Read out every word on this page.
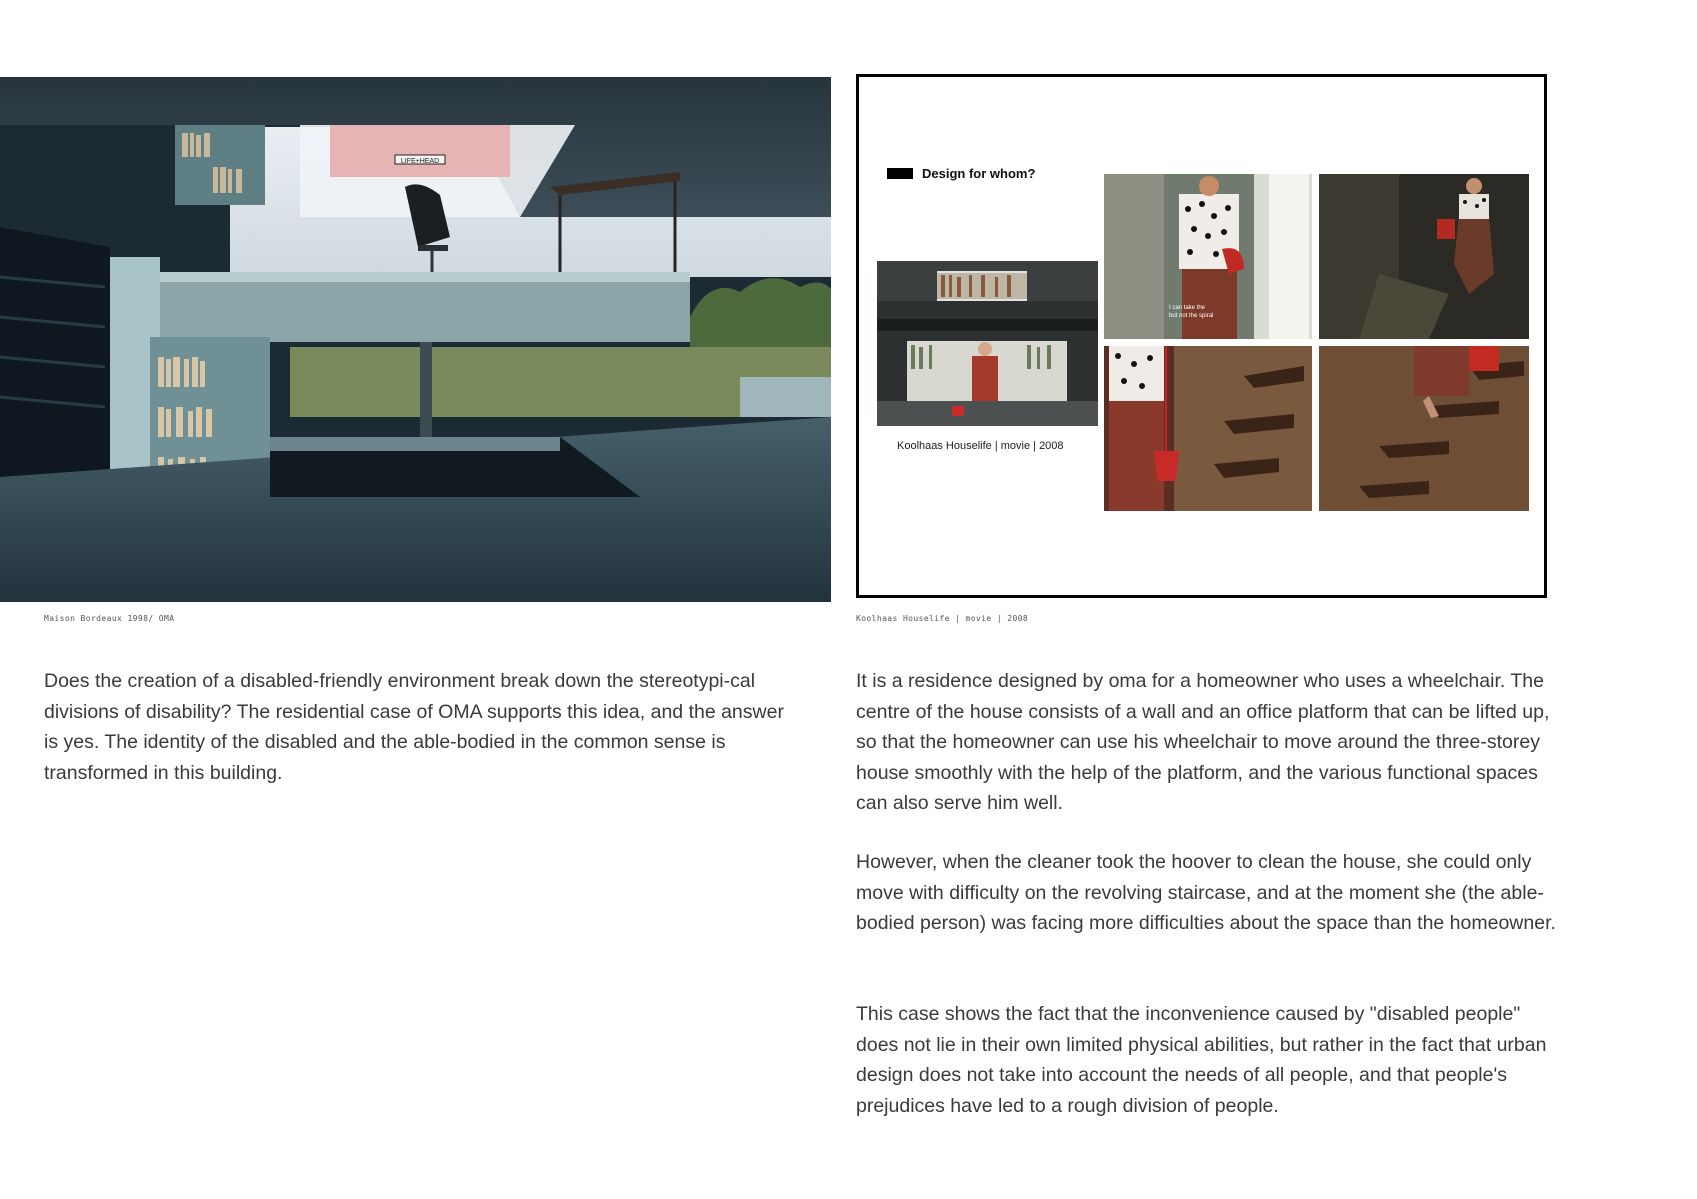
LIFE+HEAD
Maison Bordeaux 1998/ OMA
Design for whom?
Koolhaas Houselife | movie | 2008
I can take the
but not the spiral
Koolhaas Houselife | movie | 2008

Does the creation of a disabled-friendly environment break down the stereotypi-cal divisions of disability? The residential case of OMA supports this idea, and the answer is yes. The identity of the disabled and the able-bodied in the common sense is transformed in this building.

It is a residence designed by oma for a homeowner who uses a wheelchair. The centre of the house consists of a wall and an office platform that can be lifted up, so that the homeowner can use his wheelchair to move around the three-storey house smoothly with the help of the platform, and the various functional spaces can also serve him well.

However, when the cleaner took the hoover to clean the house, she could only move with difficulty on the revolving staircase, and at the moment she (the able-bodied person) was facing more difficulties about the space than the homeowner.

This case shows the fact that the inconvenience caused by "disabled people" does not lie in their own limited physical abilities, but rather in the fact that urban design does not take into account the needs of all people, and that people's prejudices have led to a rough division of people.
